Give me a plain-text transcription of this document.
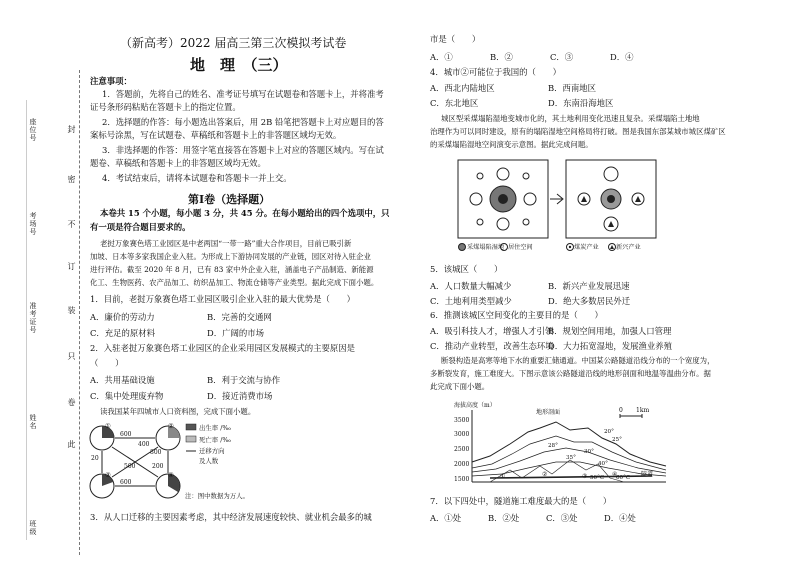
封
密
不
订
装
只
卷
此
座位号
考场号
准考证号
姓名
班级
（新高考）2022 届高三第三次模拟考试卷
地　理　（三）
注意事项：
1．答题前，先将自己的姓名、准考证号填写在试题卷和答题卡上，并将准考
证号条形码粘贴在答题卡上的指定位置。
2．选择题的作答：每小题选出答案后，用 2B 铅笔把答题卡上对应题目的答
案标号涂黑，写在试题卷、草稿纸和答题卡上的非答题区域均无效。
3．非选择题的作答：用签字笔直接答在答题卡上对应的答题区域内。写在试
题卷、草稿纸和答题卡上的非答题区域均无效。
4．考试结束后，请将本试题卷和答题卡一并上交。
第Ⅰ卷（选择题）
本卷共 15 个小题，每小题 3 分，共 45 分。在每小题给出的四个选项中，只
有一项是符合题目要求的。
老挝万象赛色塔工业园区是中老两国“一带一路”重大合作项目，目前已吸引新
加坡、日本等多家我国企业入驻。为形成上下游协同发展的产业链，园区对待入驻企业
进行评估。截至 2020 年 8 月，已有 83 家中外企业入驻，涵盖电子产品制造、新能源
化工、生物医药、农产品加工、纺织品加工、物流仓储等产业类型。据此完成下面小题。
1．目前，老挝万象赛色塔工业园区吸引企业入驻的最大优势是（　　）
A．廉价的劳动力	B．完善的交通网
C．充足的原材料	D．广阔的市场
2．入驻老挝万象赛色塔工业园区的企业采用园区发展模式的主要原因是
（　　）
A．共用基础设施	B．利于交流与协作
C．集中处理废弃物	D．接近消费市场
读我国某年四城市人口资料图，完成下面小题。
①	②
③	④
600
600
800
500
20
200
400
出生率 /‰
死亡率 /‰
迁移方向
及人数
注：图中数据为万人。
3．从人口迁移的主要因素考虑，其中经济发展速度较快、就业机会最多的城
市是（　　）
A．①	B．②	C．③	D．④
4．城市②可能位于我国的（　　）
A．西北内陆地区	B．西南地区
C．东北地区	D．东南沿海地区
城区型采煤塌陷湿地变城市化的，其土地利用变化迅速且复杂。采煤塌陷土地地
治理作为可以同时建设，原有的塌陷湿地空间格局将打破。图是我国东部某城市城区煤矿区
的采煤塌陷湿地空间演变示意图。据此完成问题。
采煤塌陷湿地 居住空间	煤炭产业	新兴产业
5．该城区（　　）
A．人口数量大幅减少	B．新兴产业发展迅速
C．土地利用类型减少	D．绝大多数居民外迁
6．推测该城区空间变化的主要目的是（　　）
A．吸引科技人才，增强人才引领
B．规划空间用地，加强人口管理
C．推动产业转型，改善生态环境
D．大力拓宽湿地，发展渔业养殖
断裂构造是高寒等地下水的重要汇储通道。中国某公路隧道沿线分布的一个宽度为，
多断裂发育，施工难度大。下图示意该公路隧道沿线的地形剖面和地温等温曲分布。据
此完成下面小题。
海拔高度（m）
3500
3000
2500
2000
1500
地形剖面
隧道
①	②	③	④
0 1km
20°
25°
28°
30°
35°
40°
50°C 60°C
7．以下四处中，隧道施工难度最大的是（　　）
A．①处	B．②处	C．③处	D．④处
